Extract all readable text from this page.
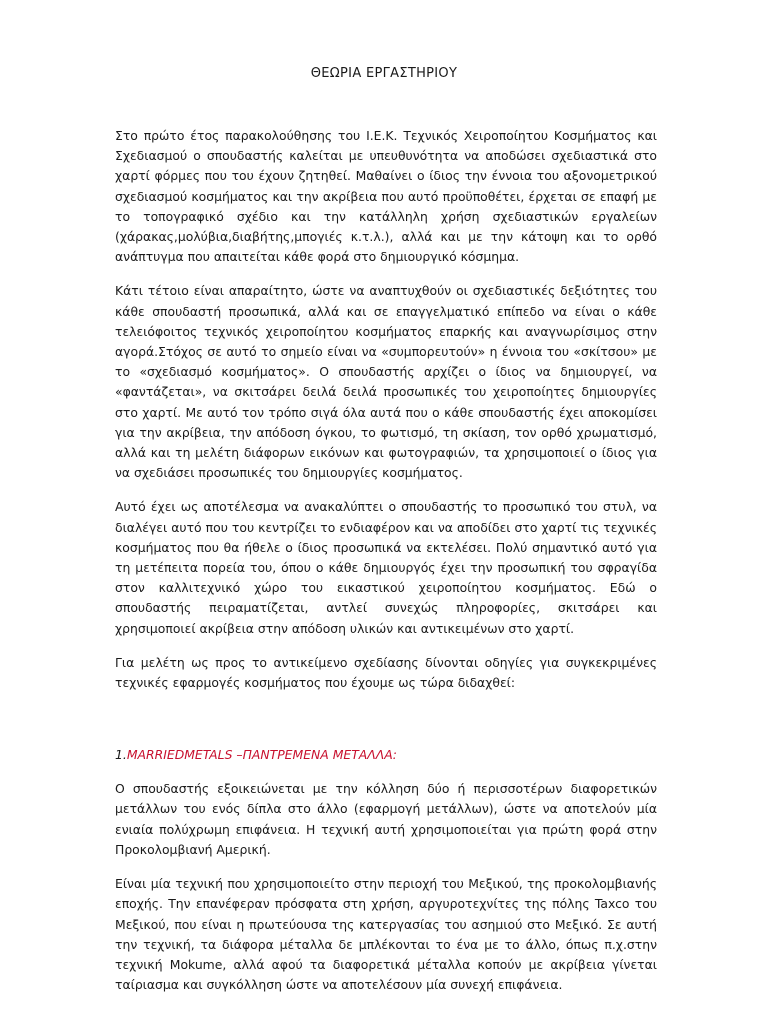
ΘΕΩΡΙΑ ΕΡΓΑΣΤΗΡΙΟΥ

Στο πρώτο έτος παρακολούθησης του Ι.Ε.Κ. Τεχνικός Χειροποίητου Κοσμήματος και Σχεδιασμού ο σπουδαστής καλείται με υπευθυνότητα να αποδώσει σχεδιαστικά στο χαρτί φόρμες που του έχουν ζητηθεί. Μαθαίνει ο ίδιος την έννοια του αξονομετρικού σχεδιασμού κοσμήματος και την ακρίβεια που αυτό προϋποθέτει, έρχεται σε επαφή με το τοπογραφικό σχέδιο και την κατάλληλη χρήση σχεδιαστικών εργαλείων (χάρακας,μολύβια,διαβήτης,μπογιές κ.τ.λ.), αλλά και με την κάτοψη και το ορθό ανάπτυγμα που απαιτείται κάθε φορά στο δημιουργικό κόσμημα.

Κάτι τέτοιο είναι απαραίτητο, ώστε να αναπτυχθούν οι σχεδιαστικές δεξιότητες του κάθε σπουδαστή προσωπικά, αλλά και σε επαγγελματικό επίπεδο να είναι ο κάθε τελειόφοιτος τεχνικός χειροποίητου κοσμήματος επαρκής και αναγνωρίσιμος στην αγορά.Στόχος σε αυτό το σημείο είναι να «συμπορευτούν» η έννοια του «σκίτσου» με το «σχεδιασμό κοσμήματος». Ο σπουδαστής αρχίζει ο ίδιος να δημιουργεί, να «φαντάζεται», να σκιτσάρει δειλά δειλά προσωπικές του χειροποίητες δημιουργίες στο χαρτί. Με αυτό τον τρόπο σιγά όλα αυτά που ο κάθε σπουδαστής έχει αποκομίσει για την ακρίβεια, την απόδοση όγκου, το φωτισμό, τη σκίαση, τον ορθό χρωματισμό, αλλά και τη μελέτη διάφορων εικόνων και φωτογραφιών, τα χρησιμοποιεί ο ίδιος για να σχεδιάσει προσωπικές του δημιουργίες κοσμήματος.

Αυτό έχει ως αποτέλεσμα να ανακαλύπτει ο σπουδαστής το προσωπικό του στυλ, να διαλέγει αυτό που του κεντρίζει το ενδιαφέρον και να αποδίδει στο χαρτί τις τεχνικές κοσμήματος που θα ήθελε ο ίδιος προσωπικά να εκτελέσει. Πολύ σημαντικό αυτό για τη μετέπειτα πορεία του, όπου ο κάθε δημιουργός έχει την προσωπική του σφραγίδα στον καλλιτεχνικό χώρο του εικαστικού χειροποίητου κοσμήματος. Εδώ ο σπουδαστής πειραματίζεται, αντλεί συνεχώς πληροφορίες, σκιτσάρει και χρησιμοποιεί ακρίβεια στην απόδοση υλικών και αντικειμένων στο χαρτί.

Για μελέτη ως προς το αντικείμενο σχεδίασης δίνονται οδηγίες για συγκεκριμένες τεχνικές εφαρμογές κοσμήματος που έχουμε ως τώρα διδαχθεί:

1.MARRIEDMETALS –ΠΑΝΤΡΕΜΕΝΑ ΜΕΤΑΛΛΑ:

Ο σπουδαστής εξοικειώνεται με την κόλληση δύο ή περισσοτέρων διαφορετικών μετάλλων του ενός δίπλα στο άλλο (εφαρμογή μετάλλων), ώστε να αποτελούν μία ενιαία πολύχρωμη επιφάνεια. Η τεχνική αυτή χρησιμοποιείται για πρώτη φορά στην Προκολομβιανή Αμερική.

Είναι μία τεχνική που χρησιμοποιείτο στην περιοχή του Μεξικού, της προκολομβιανής εποχής. Την επανέφεραν πρόσφατα στη χρήση, αργυροτεχνίτες της πόλης Taxco του Μεξικού, που είναι η πρωτεύουσα της κατεργασίας του ασημιού στο Μεξικό. Σε αυτή την τεχνική, τα διάφορα μέταλλα δε μπλέκονται το ένα με το άλλο, όπως π.χ.στην τεχνική Mokume, αλλά αφού τα διαφορετικά μέταλλα κοπούν με ακρίβεια γίνεται ταίριασμα και συγκόλληση ώστε να αποτελέσουν μία συνεχή επιφάνεια.
